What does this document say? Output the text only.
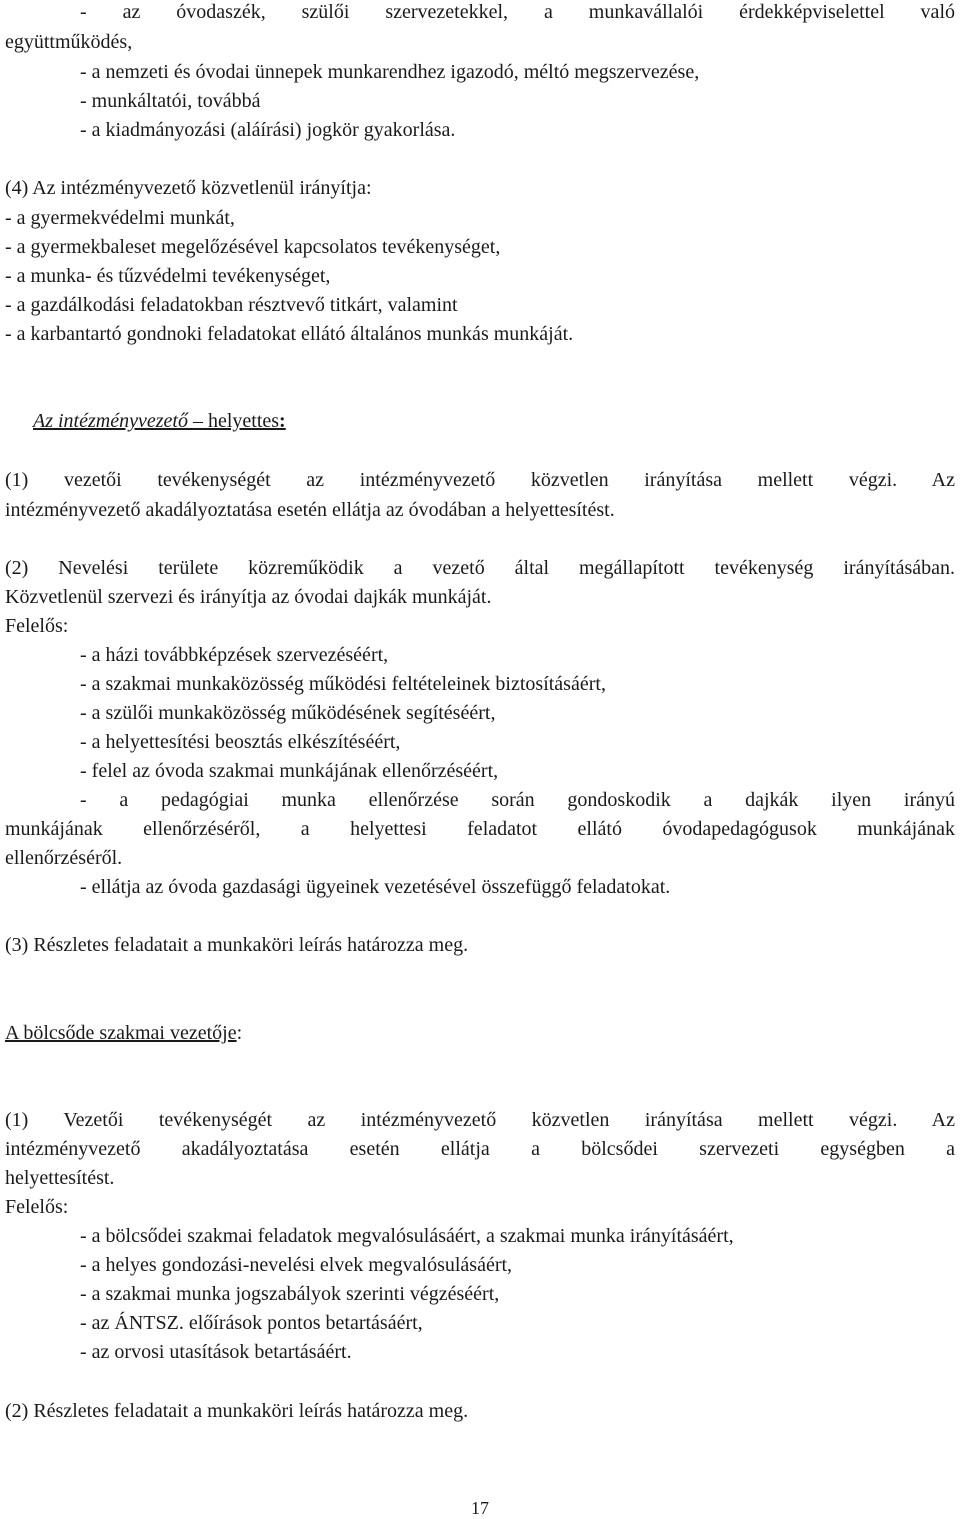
- az óvodaszék, szülői szervezetekkel, a munkavállalói érdekképviselettel való
együttműködés,
- a nemzeti és óvodai ünnepek munkarendhez igazodó, méltó megszervezése,
- munkáltatói, továbbá
- a kiadmányozási (aláírási) jogkör gyakorlása.
(4) Az intézményvezető közvetlenül irányítja:
- a gyermekvédelmi munkát,
- a gyermekbaleset megelőzésével kapcsolatos tevékenységet,
- a munka- és tűzvédelmi tevékenységet,
- a gazdálkodási feladatokban résztvevő titkárt, valamint
- a karbantartó gondnoki feladatokat ellátó általános munkás munkáját.
Az intézményvezető – helyettes:
(1) vezetői tevékenységét az intézményvezető közvetlen irányítása mellett végzi. Az
intézményvezető akadályoztatása esetén ellátja az óvodában a helyettesítést.
(2) Nevelési területe közreműködik a vezető által megállapított tevékenység irányításában.
Közvetlenül szervezi és irányítja az óvodai dajkák munkáját.
Felelős:
- a házi továbbképzések szervezéséért,
- a szakmai munkaközösség működési feltételeinek biztosításáért,
- a szülői munkaközösség működésének segítéséért,
- a helyettesítési beosztás elkészítéséért,
- felel az óvoda szakmai munkájának ellenőrzéséért,
- a pedagógiai munka ellenőrzése során gondoskodik a dajkák ilyen irányú
munkájának ellenőrzéséről, a helyettesi feladatot ellátó óvodapedagógusok munkájának
ellenőrzéséről.
- ellátja az óvoda gazdasági ügyeinek vezetésével összefüggő feladatokat.
(3) Részletes feladatait a munkaköri leírás határozza meg.
A bölcsőde szakmai vezetője:
(1) Vezetői tevékenységét az intézményvezető közvetlen irányítása mellett végzi. Az
intézményvezető akadályoztatása esetén ellátja a bölcsődei szervezeti egységben a
helyettesítést.
Felelős:
- a bölcsődei szakmai feladatok megvalósulásáért, a szakmai munka irányításáért,
- a helyes gondozási-nevelési elvek megvalósulásáért,
- a szakmai munka jogszabályok szerinti végzéséért,
- az ÁNTSZ. előírások pontos betartásáért,
- az orvosi utasítások betartásáért.
(2) Részletes feladatait a munkaköri leírás határozza meg.
17
